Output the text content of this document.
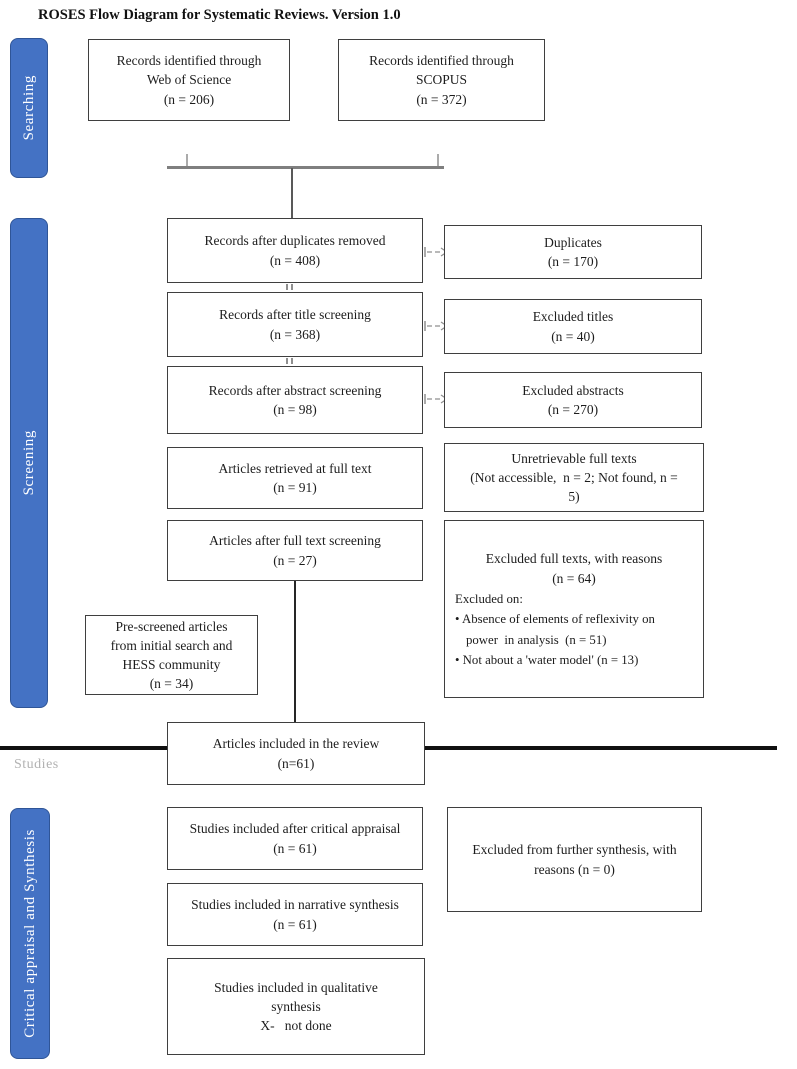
ROSES Flow Diagram for Systematic Reviews. Version 1.0
Searching
Screening
Studies
Critical appraisal and Synthesis
Records identified through
Web of Science
(n = 206)
Records identified through
SCOPUS
(n = 372)
Records after duplicates removed
(n = 408)
Records after title screening
(n = 368)
Records after abstract screening
(n = 98)
Articles retrieved at full text
(n = 91)
Articles after full text screening
(n = 27)
Duplicates
(n = 170)
Excluded titles
(n = 40)
Excluded abstracts
(n = 270)
Unretrievable full texts
(Not accessible,  n = 2; Not found, n =
5)
Excluded full texts, with reasons
(n = 64)
Excluded on:
• Absence of elements of reflexivity on
power  in analysis  (n = 51)
• Not about a 'water model' (n = 13)
Pre-screened articles
from initial search and
HESS community
(n = 34)
Articles included in the review
(n=61)
Studies included after critical appraisal
(n = 61)	Excluded from further synthesis, with
reasons (n = 0)
Studies included in narrative synthesis
(n = 61)
Studies included in qualitative
synthesis
X-   not done
